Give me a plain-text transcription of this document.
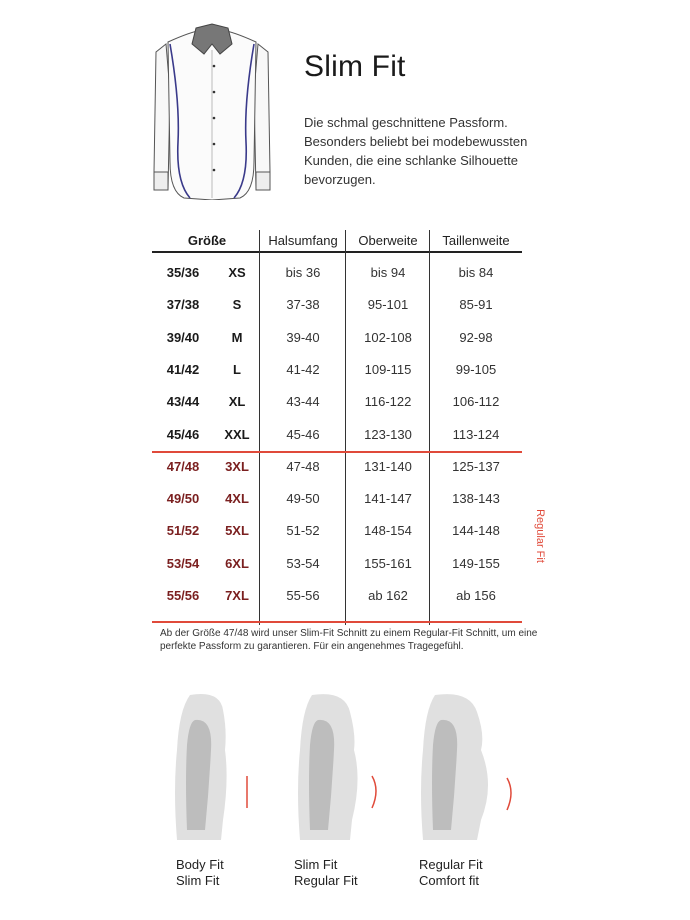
Slim Fit
Die schmal geschnittene Passform. Besonders beliebt bei modebewussten Kunden, die eine schlanke Silhouette bevorzugen.
Größe	Halsumfang	Oberweite	Taillenweite
35/36	XS	bis 36	bis 94	bis 84
37/38	S	37-38	95-101	85-91
39/40	M	39-40	102-108	92-98
41/42	L	41-42	109-115	99-105
43/44	XL	43-44	116-122	106-112
45/46	XXL	45-46	123-130	113-124
47/48	3XL	47-48	131-140	125-137
49/50	4XL	49-50	141-147	138-143
51/52	5XL	51-52	148-154	144-148
53/54	6XL	53-54	155-161	149-155
55/56	7XL	55-56	ab 162	ab 156
Regular Fit
Ab der Größe 47/48 wird unser Slim-Fit Schnitt zu einem Regular-Fit Schnitt, um eine perfekte Passform zu garantieren. Für ein angenehmes Tragegefühl.
Body Fit
Slim Fit
Slim Fit
Regular Fit
Regular Fit
Comfort fit
